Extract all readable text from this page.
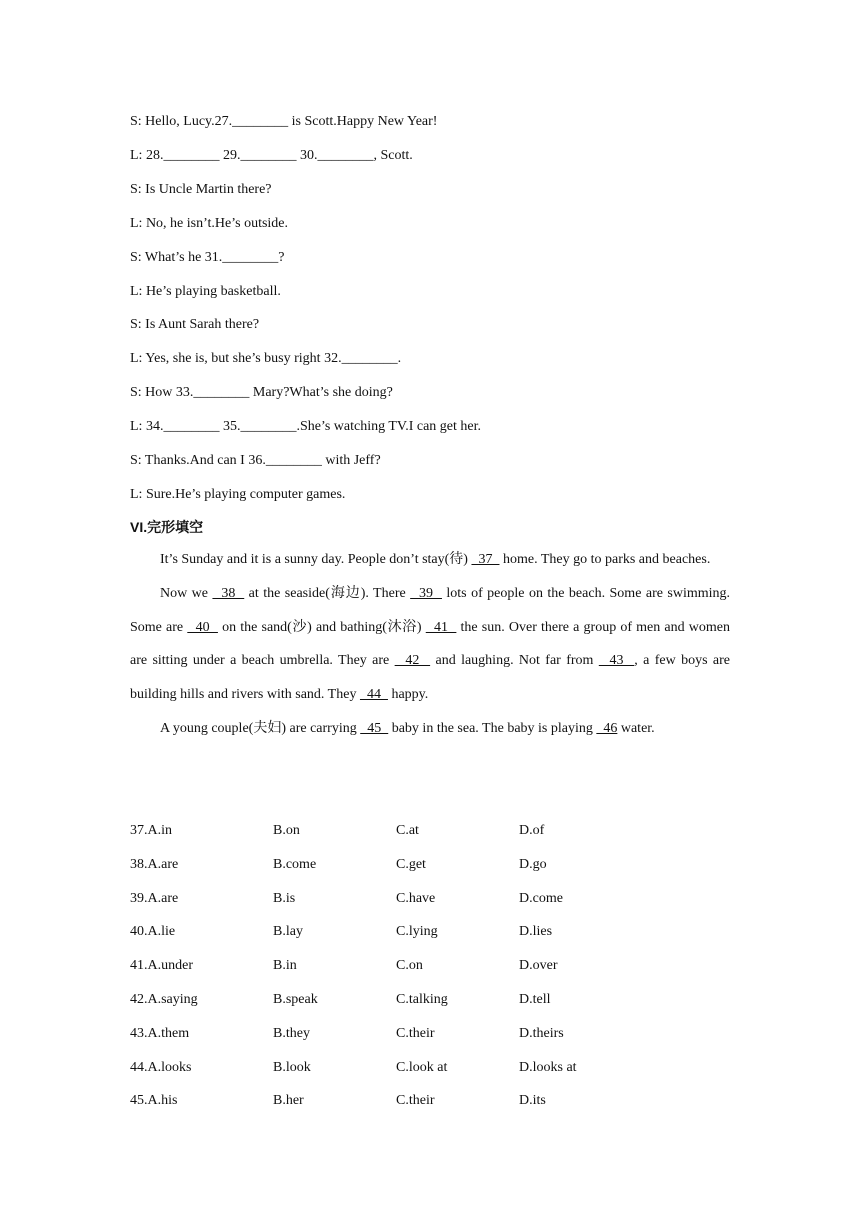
S: Hello, Lucy.27.________ is Scott.Happy New Year!
L: 28.________ 29.________ 30.________, Scott.
S: Is Uncle Martin there?
L: No, he isn’t.He’s outside.
S: What’s he 31.________?
L: He’s playing basketball.
S: Is Aunt Sarah there?
L: Yes, she is, but she’s busy right 32.________.
S: How 33.________ Mary?What’s she doing?
L: 34.________ 35.________.She’s watching TV.I can get her.
S: Thanks.And can I 36.________ with Jeff?
L: Sure.He’s playing computer games.
VI.完形填空

It’s Sunday and it is a sunny day. People don’t stay(待)   37   home. They go to parks and beaches.

Now we   38   at the seaside(海边). There   39   lots of people on the beach. Some are swimming. Some are   40   on the sand(沙) and bathing(沐浴)   41   the sun. Over there a group of men and women are sitting under a beach umbrella. They are   42   and laughing. Not far from   43  , a few boys are building hills and rivers with sand. They   44   happy.

A young couple(夫妇) are carrying   45   baby in the sea. The baby is playing   46 water.

37.A.in	B.on	C.at	D.of
38.A.are	B.come	C.get	D.go
39.A.are	B.is	C.have	D.come
40.A.lie	B.lay	C.lying	D.lies
41.A.under	B.in	C.on	D.over
42.A.saying	B.speak	C.talking	D.tell
43.A.them	B.they	C.their	D.theirs
44.A.looks	B.look	C.look at	D.looks at
45.A.his	B.her	C.their	D.its
